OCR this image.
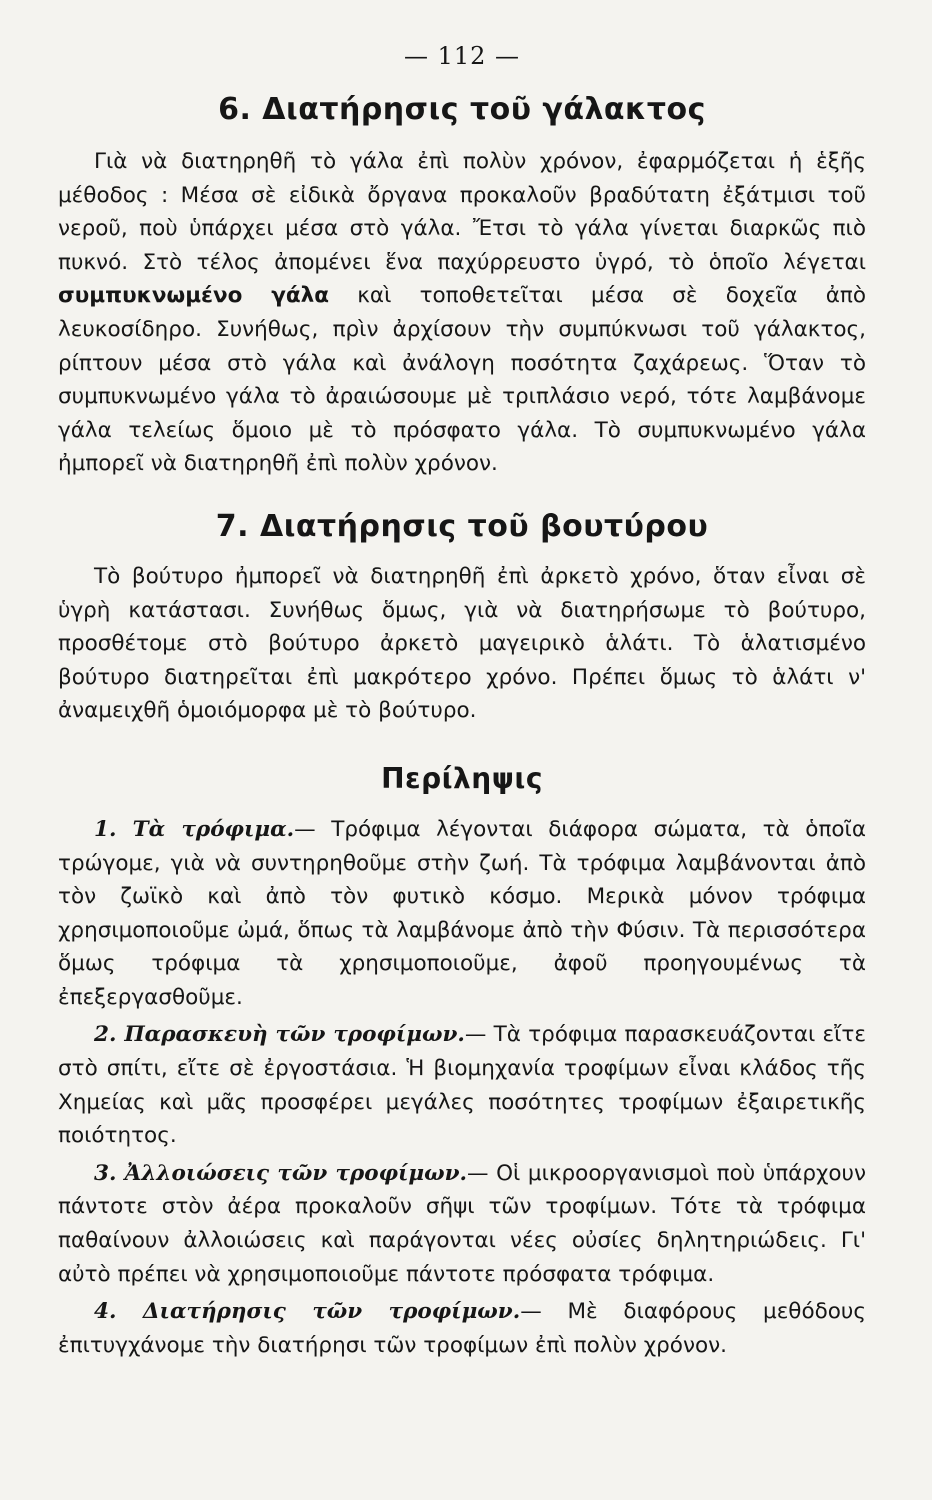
— 112 —
6. Διατήρησις τοῦ γάλακτος

Γιὰ νὰ διατηρηθῆ τὸ γάλα ἐπὶ πολὺν χρόνον, ἐφαρμόζεται ἡ ἑξῆς μέθοδος : Μέσα σὲ εἰδικὰ ὄργανα προκαλοῦν βραδύτατη ἐξάτμισι τοῦ νεροῦ, ποὺ ὑπάρχει μέσα στὸ γάλα. Ἔτσι τὸ γάλα γίνεται διαρκῶς πιὸ πυκνό. Στὸ τέλος ἀπομένει ἕνα παχύρρευστο ὑγρό, τὸ ὁποῖο λέγεται συμπυκνωμένο γάλα καὶ τοποθετεῖται μέσα σὲ δοχεῖα ἀπὸ λευκοσίδηρο. Συνήθως, πρὶν ἀρχίσουν τὴν συμπύκνωσι τοῦ γάλακτος, ρίπτουν μέσα στὸ γάλα καὶ ἀνάλογη ποσότητα ζαχάρεως. Ὅταν τὸ συμπυκνωμένο γάλα τὸ ἀραιώσουμε μὲ τριπλάσιο νερό, τότε λαμβάνομε γάλα τελείως ὅμοιο μὲ τὸ πρόσφατο γάλα. Τὸ συμπυκνωμένο γάλα ἠμπορεῖ νὰ διατηρηθῆ ἐπὶ πολὺν χρόνον.

7. Διατήρησις τοῦ βουτύρου

Τὸ βούτυρο ἠμπορεῖ νὰ διατηρηθῆ ἐπὶ ἀρκετὸ χρόνο, ὅταν εἶναι σὲ ὑγρὴ κατάστασι. Συνήθως ὅμως, γιὰ νὰ διατηρήσωμε τὸ βούτυρο, προσθέτομε στὸ βούτυρο ἀρκετὸ μαγειρικὸ ἁλάτι. Τὸ ἁλατισμένο βούτυρο διατηρεῖται ἐπὶ μακρότερο χρόνο. Πρέπει ὅμως τὸ ἁλάτι ν' ἀναμειχθῆ ὁμοιόμορφα μὲ τὸ βούτυρο.

Περίληψις

1. Τὰ τρόφιμα.— Τρόφιμα λέγονται διάφορα σώματα, τὰ ὁποῖα τρώγομε, γιὰ νὰ συντηρηθοῦμε στὴν ζωή. Τὰ τρόφιμα λαμβάνονται ἀπὸ τὸν ζωϊκὸ καὶ ἀπὸ τὸν φυτικὸ κόσμο. Μερικὰ μόνον τρόφιμα χρησιμοποιοῦμε ὠμά, ὅπως τὰ λαμβάνομε ἀπὸ τὴν Φύσιν. Τὰ περισσότερα ὅμως τρόφιμα τὰ χρησιμοποιοῦμε, ἀφοῦ προηγουμένως τὰ ἐπεξεργασθοῦμε.

2. Παρασκευὴ τῶν τροφίμων.— Τὰ τρόφιμα παρασκευάζονται εἴτε στὸ σπίτι, εἴτε σὲ ἐργοστάσια. Ἡ βιομηχανία τροφίμων εἶναι κλάδος τῆς Χημείας καὶ μᾶς προσφέρει μεγάλες ποσότητες τροφίμων ἐξαιρετικῆς ποιότητος.

3. Ἀλλοιώσεις τῶν τροφίμων.— Οἱ μικροοργανισμοὶ ποὺ ὑπάρχουν πάντοτε στὸν ἀέρα προκαλοῦν σῆψι τῶν τροφίμων. Τότε τὰ τρόφιμα παθαίνουν ἀλλοιώσεις καὶ παράγονται νέες οὐσίες δηλητηριώδεις. Γι' αὐτὸ πρέπει νὰ χρησιμοποιοῦμε πάντοτε πρόσφατα τρόφιμα.

4. Διατήρησις τῶν τροφίμων.— Μὲ διαφόρους μεθόδους ἐπιτυγχάνομε τὴν διατήρησι τῶν τροφίμων ἐπὶ πολὺν χρόνον.
